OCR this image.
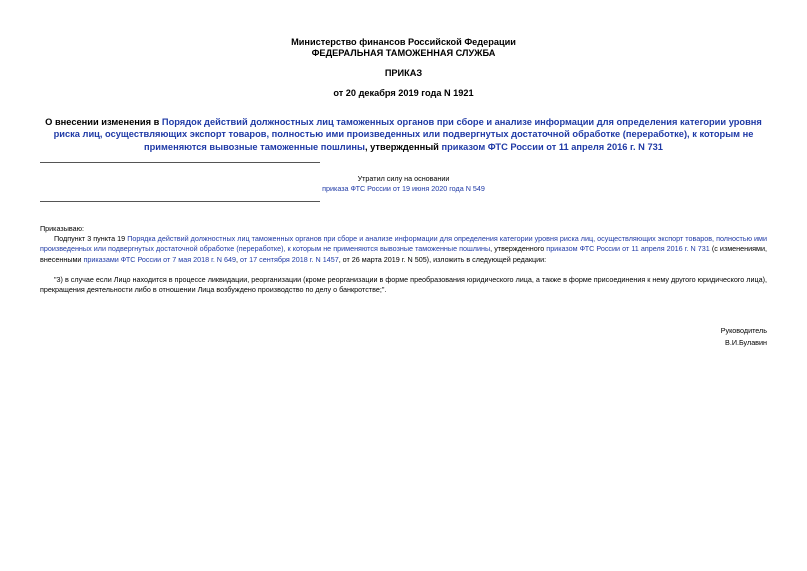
Министерство финансов Российской Федерации
ФЕДЕРАЛЬНАЯ ТАМОЖЕННАЯ СЛУЖБА
ПРИКАЗ
от 20 декабря 2019 года N 1921
О внесении изменения в Порядок действий должностных лиц таможенных органов при сборе и анализе информации для определения категории уровня риска лиц, осуществляющих экспорт товаров, полностью ими произведенных или подвергнутых достаточной обработке (переработке), к которым не применяются вывозные таможенные пошлины, утвержденный приказом ФТС России от 11 апреля 2016 г. N 731
Утратил силу на основании
приказа ФТС России от 19 июня 2020 года N 549
Приказываю:
Подпункт 3 пункта 19 Порядка действий должностных лиц таможенных органов при сборе и анализе информации для определения категории уровня риска лиц, осуществляющих экспорт товаров, полностью ими произведенных или подвергнутых достаточной обработке (переработке), к которым не применяются вывозные таможенные пошлины, утвержденного приказом ФТС России от 11 апреля 2016 г. N 731 (с изменениями, внесенными приказами ФТС России от 7 мая 2018 г. N 649, от 17 сентября 2018 г. N 1457, от 26 марта 2019 г. N 505), изложить в следующей редакции:
"3) в случае если Лицо находится в процессе ликвидации, реорганизации (кроме реорганизации в форме преобразования юридического лица, а также в форме присоединения к нему другого юридического лица), прекращения деятельности либо в отношении Лица возбуждено производство по делу о банкротстве;".
Руководитель
В.И.Булавин
